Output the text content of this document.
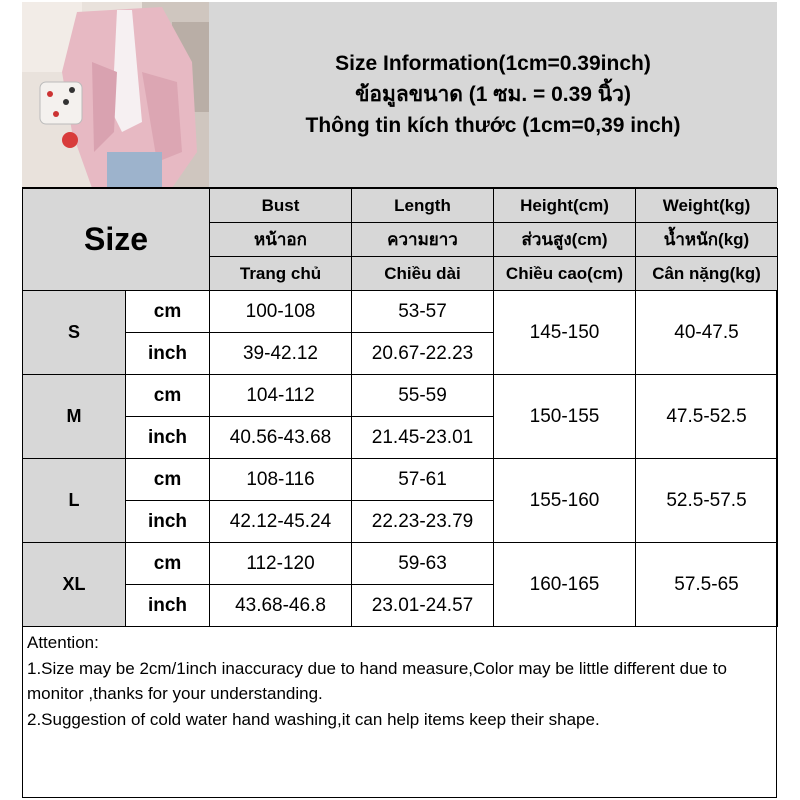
Size Information(1cm=0.39inch)
ข้อมูลขนาด (1 ซม. = 0.39 นิ้ว)
Thông tin kích thước (1cm=0,39 inch)
Size		Bust	Length	Height(cm)	Weight(kg)
		หน้าอก	ความยาว	ส่วนสูง(cm)	น้ำหนัก(kg)
		Trang chủ	Chiều dài	Chiều cao(cm)	Cân nặng(kg)
S	cm	100-108	53-57	145-150	40-47.5
	inch	39-42.12	20.67-22.23		
M	cm	104-112	55-59	150-155	47.5-52.5
	inch	40.56-43.68	21.45-23.01		
L	cm	108-116	57-61	155-160	52.5-57.5
	inch	42.12-45.24	22.23-23.79		
XL	cm	112-120	59-63	160-165	57.5-65
	inch	43.68-46.8	23.01-24.57		
Attention:
1.Size may be 2cm/1inch inaccuracy due to hand measure,Color may be little different due to monitor ,thanks for your understanding.
2.Suggestion of cold water hand washing,it can help items keep their shape.
